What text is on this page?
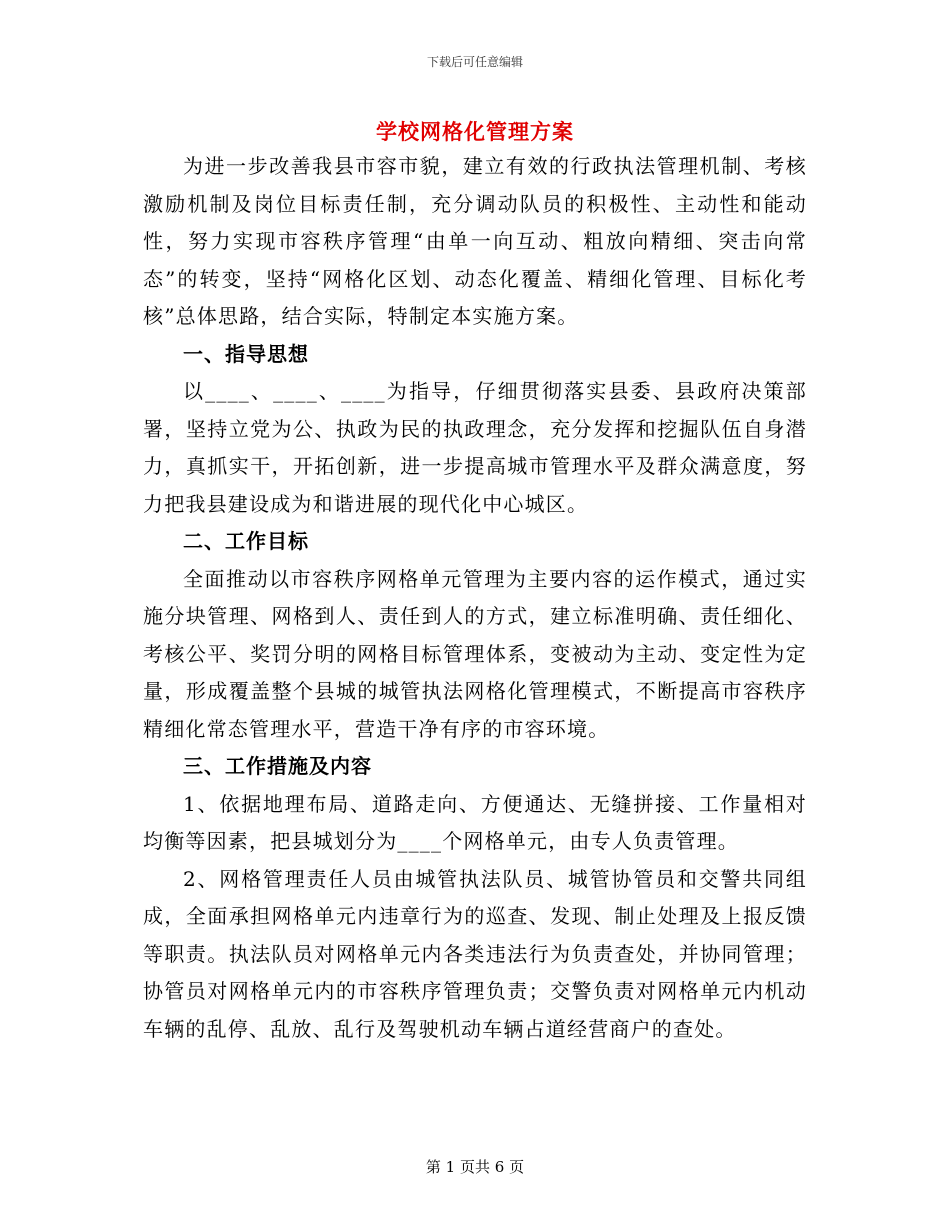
下载后可任意编辑
学校网格化管理方案

为进一步改善我县市容市貌，建立有效的行政执法管理机制、考核激励机制及岗位目标责任制，充分调动队员的积极性、主动性和能动性，努力实现市容秩序管理“由单一向互动、粗放向精细、突击向常态”的转变，坚持“网格化区划、动态化覆盖、精细化管理、目标化考核”总体思路，结合实际，特制定本实施方案。

一、指导思想

以____、____、____为指导，仔细贯彻落实县委、县政府决策部署，坚持立党为公、执政为民的执政理念，充分发挥和挖掘队伍自身潜力，真抓实干，开拓创新，进一步提高城市管理水平及群众满意度，努力把我县建设成为和谐进展的现代化中心城区。

二、工作目标

全面推动以市容秩序网格单元管理为主要内容的运作模式，通过实施分块管理、网格到人、责任到人的方式，建立标准明确、责任细化、考核公平、奖罚分明的网格目标管理体系，变被动为主动、变定性为定量，形成覆盖整个县城的城管执法网格化管理模式，不断提高市容秩序精细化常态管理水平，营造干净有序的市容环境。

三、工作措施及内容

1、依据地理布局、道路走向、方便通达、无缝拼接、工作量相对均衡等因素，把县城划分为____个网格单元，由专人负责管理。

2、网格管理责任人员由城管执法队员、城管协管员和交警共同组成，全面承担网格单元内违章行为的巡查、发现、制止处理及上报反馈等职责。执法队员对网格单元内各类违法行为负责查处，并协同管理；协管员对网格单元内的市容秩序管理负责；交警负责对网格单元内机动车辆的乱停、乱放、乱行及驾驶机动车辆占道经营商户的查处。

第 1 页共 6 页
